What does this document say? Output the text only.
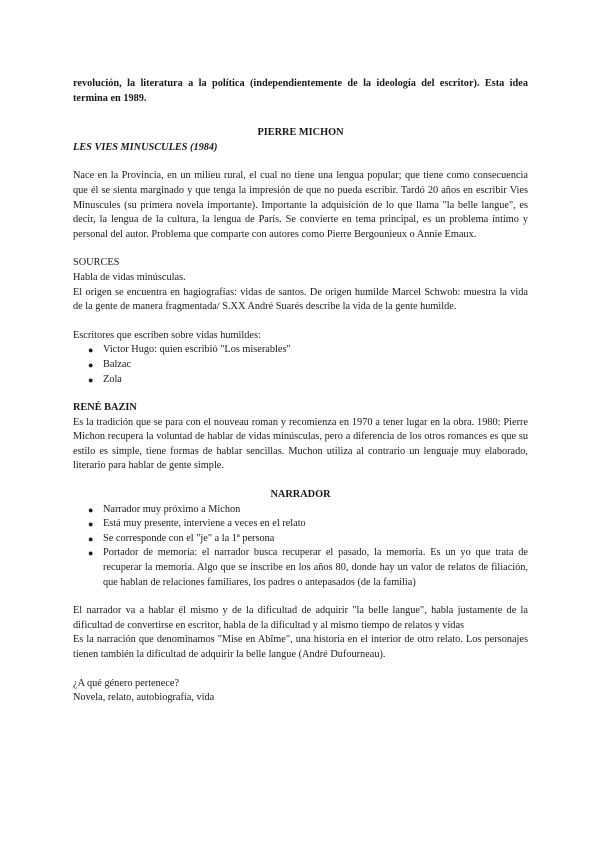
revolución, la literatura a la política (independientemente de la ideología del escritor). Esta idea termina en 1989.

PIERRE MICHON

LES VIES MINUSCULES (1984)

Nace en la Provincia, en un milieu rural, el cual no tiene una lengua popular; que tiene como consecuencia que él se sienta marginado y que tenga la impresión de que no pueda escribir. Tardó 20 años en escribir Vies Minuscules (su primera novela importante). Importante la adquisición de lo que llama "la belle langue", es decir, la lengua de la cultura, la lengua de París. Se convierte en tema principal, es un problema íntimo y personal del autor. Problema que comparte con autores como Pierre Bergounieux o Annie Emaux.

SOURCES

Habla de vidas minúsculas.

El origen se encuentra en hagiografías: vidas de santos. De origen humilde Marcel Schwob: muestra la vida de la gente de manera fragmentada/ S.XX André Suarés describe la vida de la gente humilde.

Escritores que escriben sobre vidas humildes:

● Victor Hugo: quien escribió "Los miserables"
● Balzac
● Zola

RENÉ BAZIN

Es la tradición que se para con el nouveau roman y recomienza en 1970 a tener lugar en la obra. 1980: Pierre Michon recupera la voluntad de hablar de vidas minúsculas, pero a diferencia de los otros romances es que su estilo es simple, tiene formas de hablar sencillas. Muchon utiliza al contrario un lenguaje muy elaborado, literario para hablar de gente simple.

NARRADOR

● Narrador muy próximo a Michon
● Está muy presente, interviene a veces en el relato
● Se corresponde con el "je" a la 1ª persona
● Portador de memoria: el narrador busca recuperar el pasado, la memoria. Es un yo que trata de recuperar la memoria. Algo que se inscribe en los años 80, donde hay un valor de relatos de filiación, que hablan de relaciones familiares, los padres o antepasados (de la familia)

El narrador va a hablar él mismo y de la dificultad de adquirir "la belle langue", habla justamente de la dificultad de convertirse en escritor, habla de la dificultad y al mismo tiempo de relatos y vidas

Es la narración que denominamos "Mise en Abîme", una historia en el interior de otro relato. Los personajes tienen también la dificultad de adquirir la belle langue (André Dufourneau).

¿A qué género pertenece?

Novela, relato, autobiografía, vida
